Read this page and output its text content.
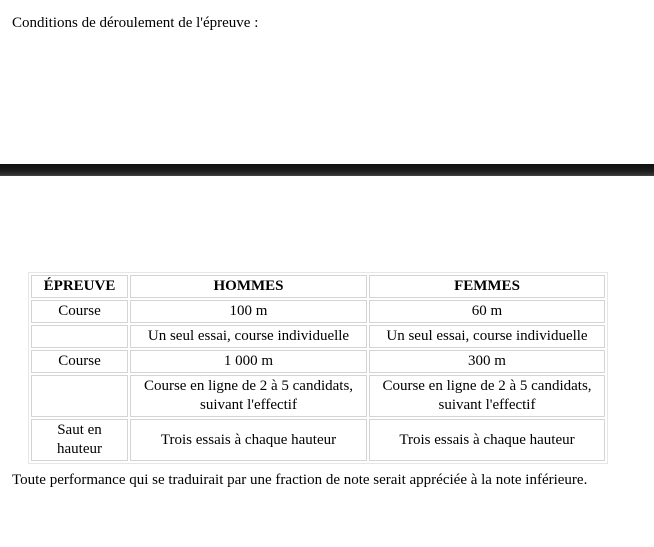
Conditions de déroulement de l'épreuve :

ÉPREUVE	HOMMES	FEMMES
Course	100 m	60 m
	Un seul essai, course individuelle	Un seul essai, course individuelle
Course	1 000 m	300 m
	Course en ligne de 2 à 5 candidats, suivant l'effectif	Course en ligne de 2 à 5 candidats, suivant l'effectif
Saut en hauteur	Trois essais à chaque hauteur	Trois essais à chaque hauteur

Toute performance qui se traduirait par une fraction de note serait appréciée à la note inférieure.
